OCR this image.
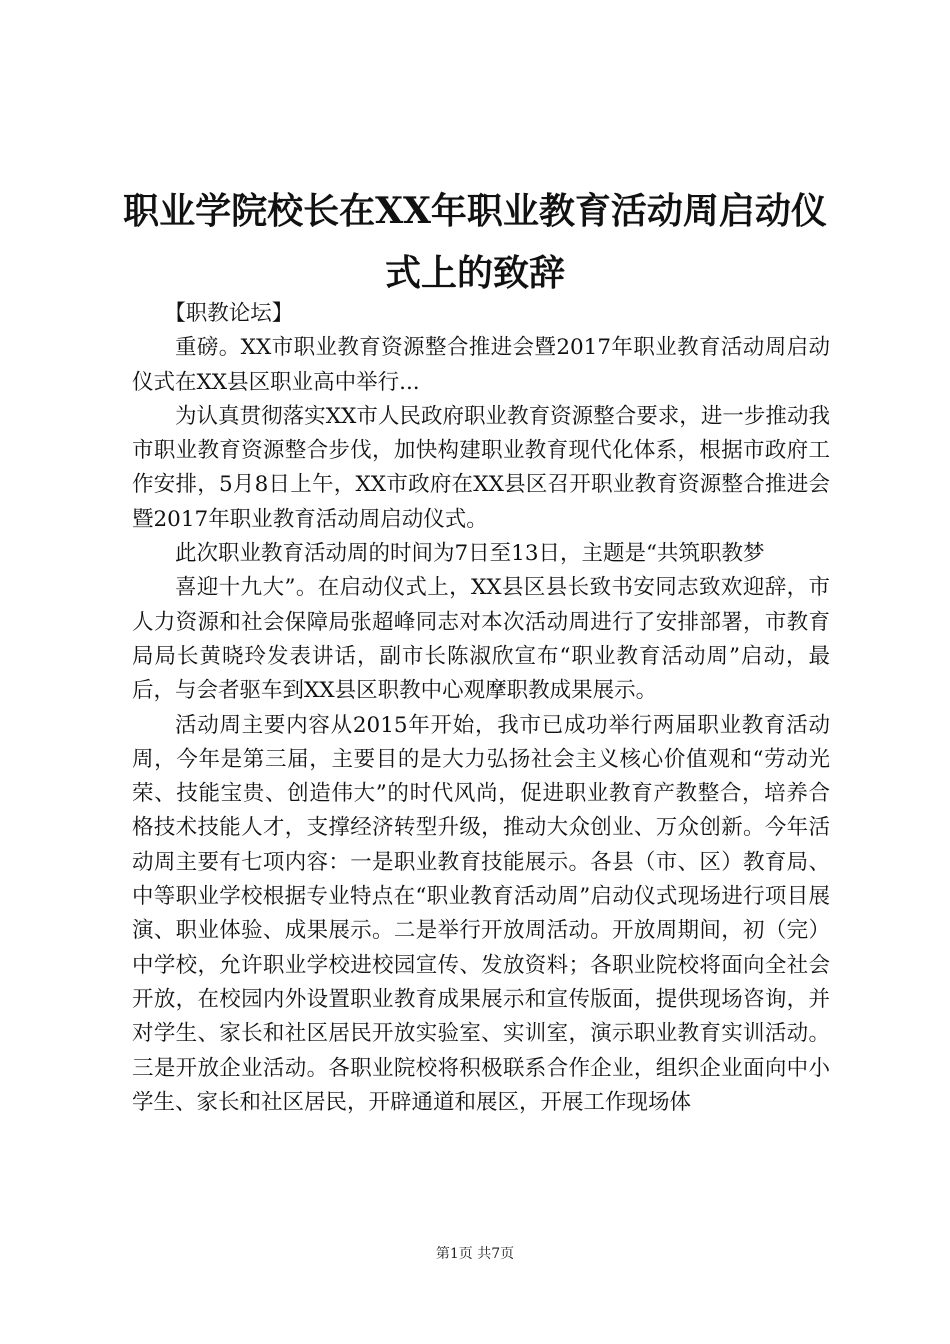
职业学院校长在XX年职业教育活动周启动仪式上的致辞

【职教论坛】

重磅。XX市职业教育资源整合推进会暨2017年职业教育活动周启动仪式在XX县区职业高中举行...

为认真贯彻落实XX市人民政府职业教育资源整合要求，进一步推动我市职业教育资源整合步伐，加快构建职业教育现代化体系，根据市政府工作安排，5月8日上午，XX市政府在XX县区召开职业教育资源整合推进会暨2017年职业教育活动周启动仪式。

此次职业教育活动周的时间为7日至13日，主题是“共筑职教梦

喜迎十九大”。在启动仪式上，XX县区县长致书安同志致欢迎辞，市人力资源和社会保障局张超峰同志对本次活动周进行了安排部署，市教育局局长黄晓玲发表讲话，副市长陈淑欣宣布“职业教育活动周”启动，最后，与会者驱车到XX县区职教中心观摩职教成果展示。

活动周主要内容从2015年开始，我市已成功举行两届职业教育活动周，今年是第三届，主要目的是大力弘扬社会主义核心价值观和“劳动光荣、技能宝贵、创造伟大”的时代风尚，促进职业教育产教整合，培养合格技术技能人才，支撑经济转型升级，推动大众创业、万众创新。今年活动周主要有七项内容：一是职业教育技能展示。各县（市、区）教育局、中等职业学校根据专业特点在“职业教育活动周”启动仪式现场进行项目展演、职业体验、成果展示。二是举行开放周活动。开放周期间，初（完）中学校，允许职业学校进校园宣传、发放资料；各职业院校将面向全社会开放，在校园内外设置职业教育成果展示和宣传版面，提供现场咨询，并对学生、家长和社区居民开放实验室、实训室，演示职业教育实训活动。三是开放企业活动。各职业院校将积极联系合作企业，组织企业面向中小学生、家长和社区居民，开辟通道和展区，开展工作现场体

第1页 共7页
